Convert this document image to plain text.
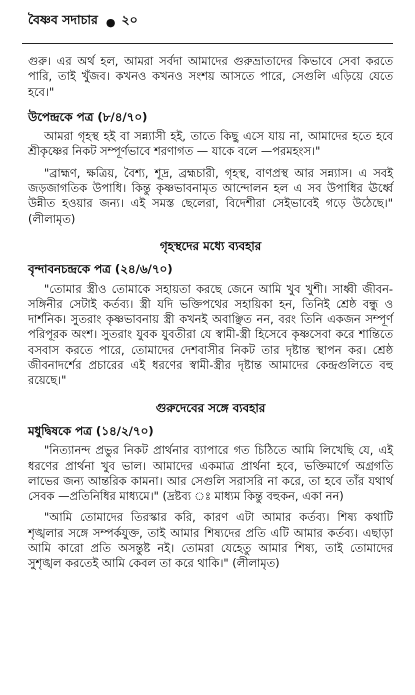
বৈষ্ণব সদাচার ● ২০

গুরু। এর অর্থ হল, আমরা সর্বদা আমাদের গুরুভ্রাতাদের কিভাবে সেবা করতে পারি, তাই খুঁজব। কখনও কখনও সংশয় আসতে পারে, সেগুলি এড়িয়ে যেতে হবে।"

উপেন্দ্রকে পত্র (৮/৪/৭০)

আমরা গৃহস্থ হই বা সন্ন্যাসী হই, তাতে কিছু এসে যায় না, আমাদের হতে হবে শ্রীকৃষ্ণের নিকট সম্পূর্ণভাবে শরণাগত — যাকে বলে —পরমহংস।"

"ব্রাহ্মণ, ক্ষত্রিয়, বৈশ্য, শূদ্র, ব্রহ্মচারী, গৃহস্থ, বাণপ্রস্থ আর সন্ন্যাস। এ সবই জড়জাগতিক উপাধি। কিন্তু কৃষ্ণভাবনামৃত আন্দোলন হল এ সব উপাধির ঊর্ধ্বে উন্নীত হওয়ার জন্য। এই সমস্ত ছেলেরা, বিদেশীরা সেইভাবেই গড়ে উঠেছে।" (লীলামৃত)

গৃহস্থদের মধ্যে ব্যবহার
বৃন্দাবনচন্দ্রকে পত্র (২৪/৬/৭০)

"তোমার স্ত্রীও তোমাকে সহায়তা করছে জেনে আমি খুব খুশী। সাধ্বী জীবন-সঙ্গিনীর সেটাই কর্তব্য। স্ত্রী যদি ভক্তিপথের সহায়িকা হন, তিনিই শ্রেষ্ঠ বন্ধু ও দার্শনিক। সুতরাং কৃষ্ণভাবনায় স্ত্রী কখনই অবাঞ্ছিত নন, বরং তিনি একজন সম্পূর্ণ পরিপূরক অংশ। সুতরাং যুবক যুবতীরা যে স্বামী-স্ত্রী হিসেবে কৃষ্ণসেবা করে শান্তিতে বসবাস করতে পারে, তোমাদের দেশবাসীর নিকট তার দৃষ্টান্ত স্থাপন কর। শ্রেষ্ঠ জীবনাদর্শের প্রচারের এই ধরণের স্বামী-স্ত্রীর দৃষ্টান্ত আমাদের কেন্দ্রগুলিতে বহু রয়েছে।"

গুরুদেবের সঙ্গে ব্যবহার
মধুদ্বিষকে পত্র (১৪/২/৭০)

"নিত্যানন্দ প্রভুর নিকট প্রার্থনার ব্যাপারে গত চিঠিতে আমি লিখেছি যে, এই ধরণের প্রার্থনা খুব ভাল। আমাদের একমাত্র প্রার্থনা হবে, ভক্তিমার্গে অগ্রগতি লাভের জন্য আন্তরিক কামনা। আর সেগুলি সরাসরি না করে, তা হবে তাঁর যথার্থ সেবক —প্রতিনিধির মাধ্যমে।" (দ্রষ্টব্য ঃ মাধ্যম কিন্তু বহুকন, একা নন)

"আমি তোমাদের তিরস্কার করি, কারণ এটা আমার কর্তব্য। শিষ্য কথাটি শৃঙ্খলার সঙ্গে সম্পর্কযুক্ত, তাই আমার শিষ্যদের প্রতি এটি আমার কর্তব্য। এছাড়া আমি কারো প্রতি অসন্তুষ্ট নই। তোমরা যেহেতু আমার শিষ্য, তাই তোমাদের সুশৃঙ্খল করতেই আমি কেবল তা করে থাকি।" (লীলামৃত)
